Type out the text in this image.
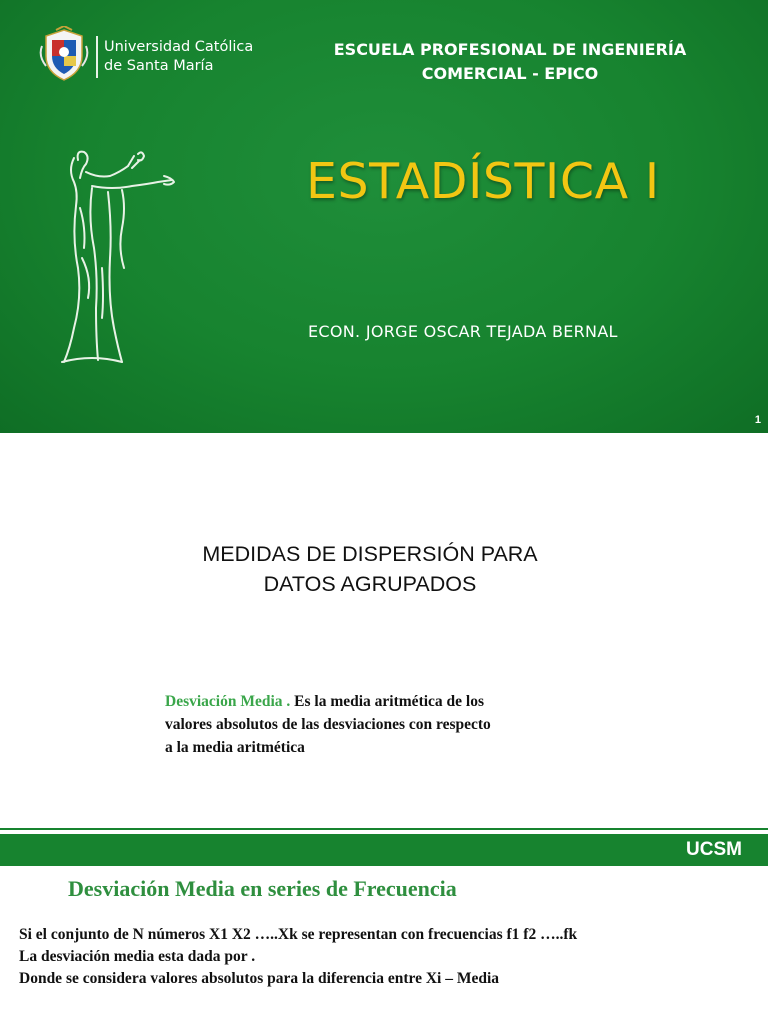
Universidad Católica
de Santa María
ESCUELA PROFESIONAL DE INGENIERÍA
COMERCIAL - EPICO
ESTADÍSTICA I
ECON. JORGE OSCAR TEJADA BERNAL
1
MEDIDAS DE DISPERSIÓN PARA
DATOS AGRUPADOS
Desviación Media . Es la media aritmética de los
valores absolutos de las desviaciones con respecto
a la media aritmética
UCSM
Desviación Media en series de Frecuencia
Si el conjunto de N números X1 X2 …..Xk se representan con frecuencias f1 f2 …..fk
La desviación media esta dada por .
Donde se considera valores absolutos para la diferencia entre Xi – Media
